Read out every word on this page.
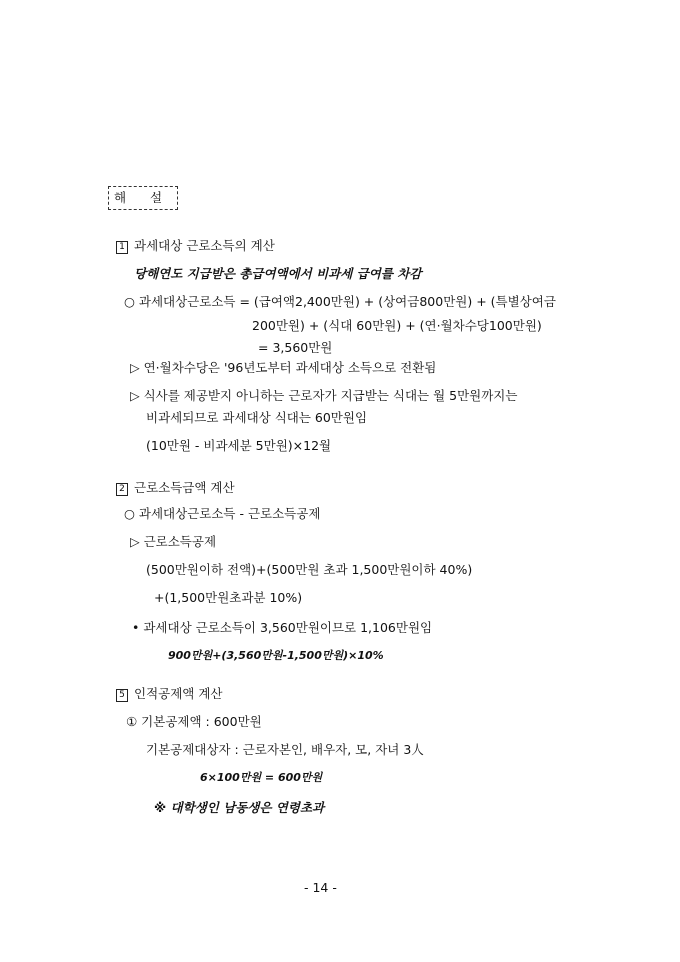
해 설
1 과세대상 근로소득의 계산
당해연도 지급받은 총급여액에서 비과세 급여를 차감
○ 과세대상근로소득 = (급여액2,400만원) + (상여금800만원) + (특별상여금
200만원) + (식대 60만원) + (연·월차수당100만원)
= 3,560만원
▷ 연·월차수당은 '96년도부터 과세대상 소득으로 전환됨
▷ 식사를 제공받지 아니하는 근로자가 지급받는 식대는 월 5만원까지는
비과세되므로 과세대상 식대는 60만원임
(10만원 - 비과세분 5만원)×12월
2 근로소득금액 계산
○ 과세대상근로소득 - 근로소득공제
▷ 근로소득공제
(500만원이하 전액)+(500만원 초과 1,500만원이하 40%)
+(1,500만원초과분 10%)
• 과세대상 근로소득이 3,560만원이므로 1,106만원임
900만원+(3,560만원-1,500만원)×10%
5 인적공제액 계산
① 기본공제액 : 600만원
기본공제대상자 : 근로자본인, 배우자, 모, 자녀 3人
6×100만원 = 600만원
※ 대학생인 남동생은 연령초과
- 14 -
